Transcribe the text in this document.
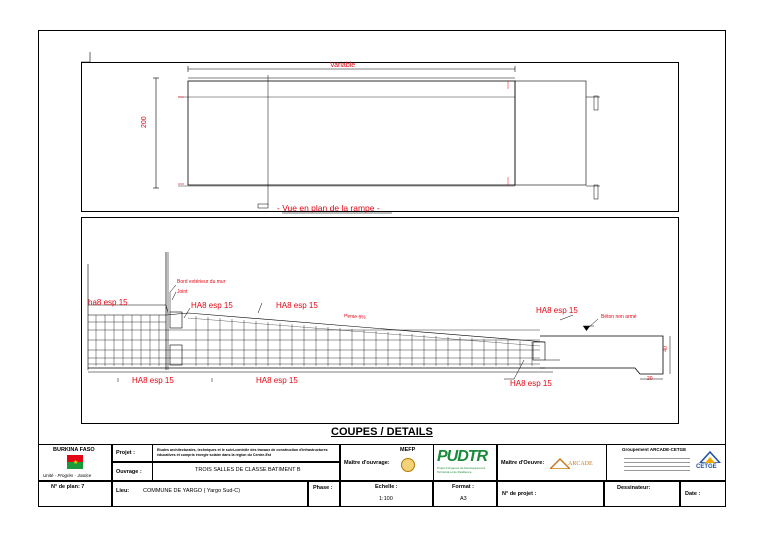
Variable
200
- Vue en plan de la rampe -
Bord extérieur du mur
Joint
ha8 esp 15	HA8 esp 15	HA8 esp 15
Pente 6%
HA8 esp 15
Béton non armé
HA8 esp 15	HA8 esp 15	HA8 esp 15
40
20
COUPES / DETAILS
BURKINA FASO
★
Unité - Progrès - Justice
N° de plan: 7
Projet :	Etudes architecturales, techniques et le suivi-contrôle des travaux de construction d'infrastructures éducatives et compris énergie solaire dans la région du Centre-Est
Ouvrage :	TROIS SALLES DE CLASSE BATIMENT B
Lieu:	COMMUNE DE YARGO ( Yargo Sud-C)	Phase :
Maître d'ouvrage:
MEFP PUDTR
Projet d'Urgence de Développement Territorial et de Résilience
Echelle :
1:100
Format :
A3
Maître d'Oeuvre:	ARCADE
Groupement ARCADE-CETGE
CETGE
N° de projet :
Dessinateur:
Date :
